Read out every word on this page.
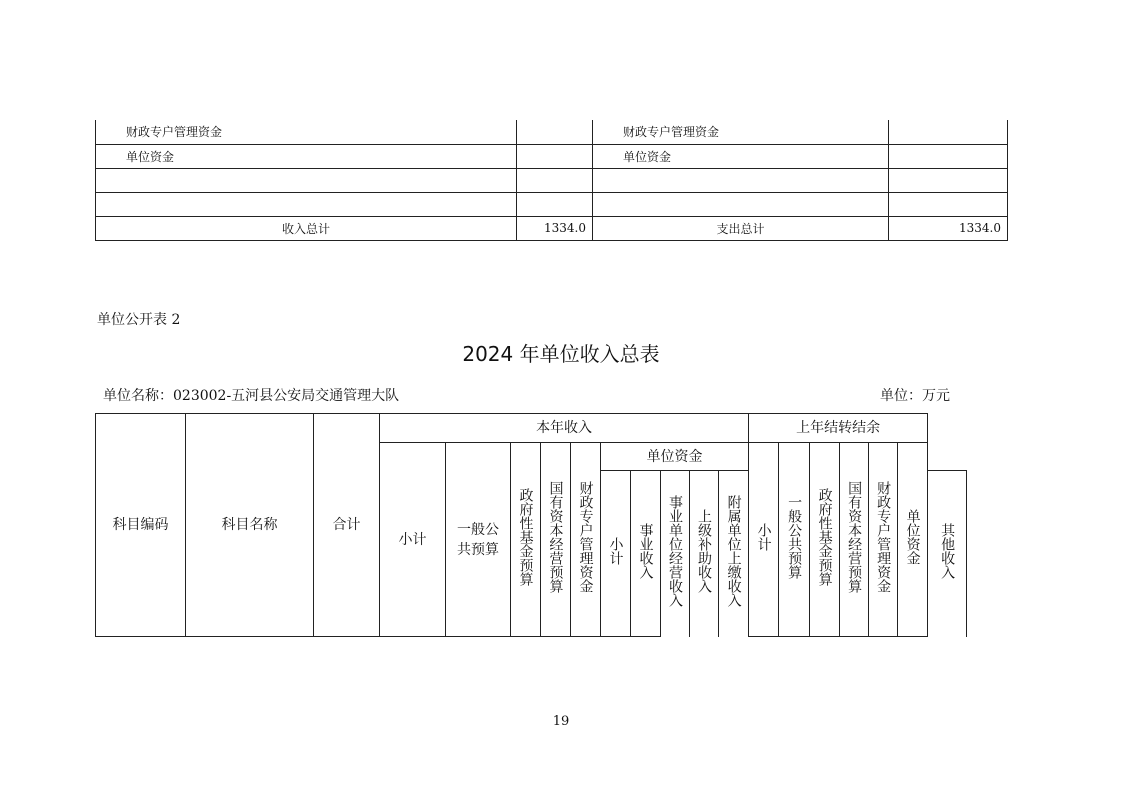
财政专户管理资金		财政专户管理资金	
单位资金		单位资金	

收入总计	1334.0	支出总计	1334.0
单位公开表 2
2024 年单位收入总表
单位名称：023002-五河县公安局交通管理大队	单位：万元
科目编码	科目名称	合计	本年收入										上年结转结余						
			小计	一般公共预算	政府性基金预算	国有资本经营预算	财政专户管理资金	单位资金					小计	一般公共预算	政府性基金预算	国有资本经营预算	财政专户管理资金	单位资金	
								小计	事业收入	事业单位经营收入	上级补助收入	附属单位上缴收入							其他收入
19
